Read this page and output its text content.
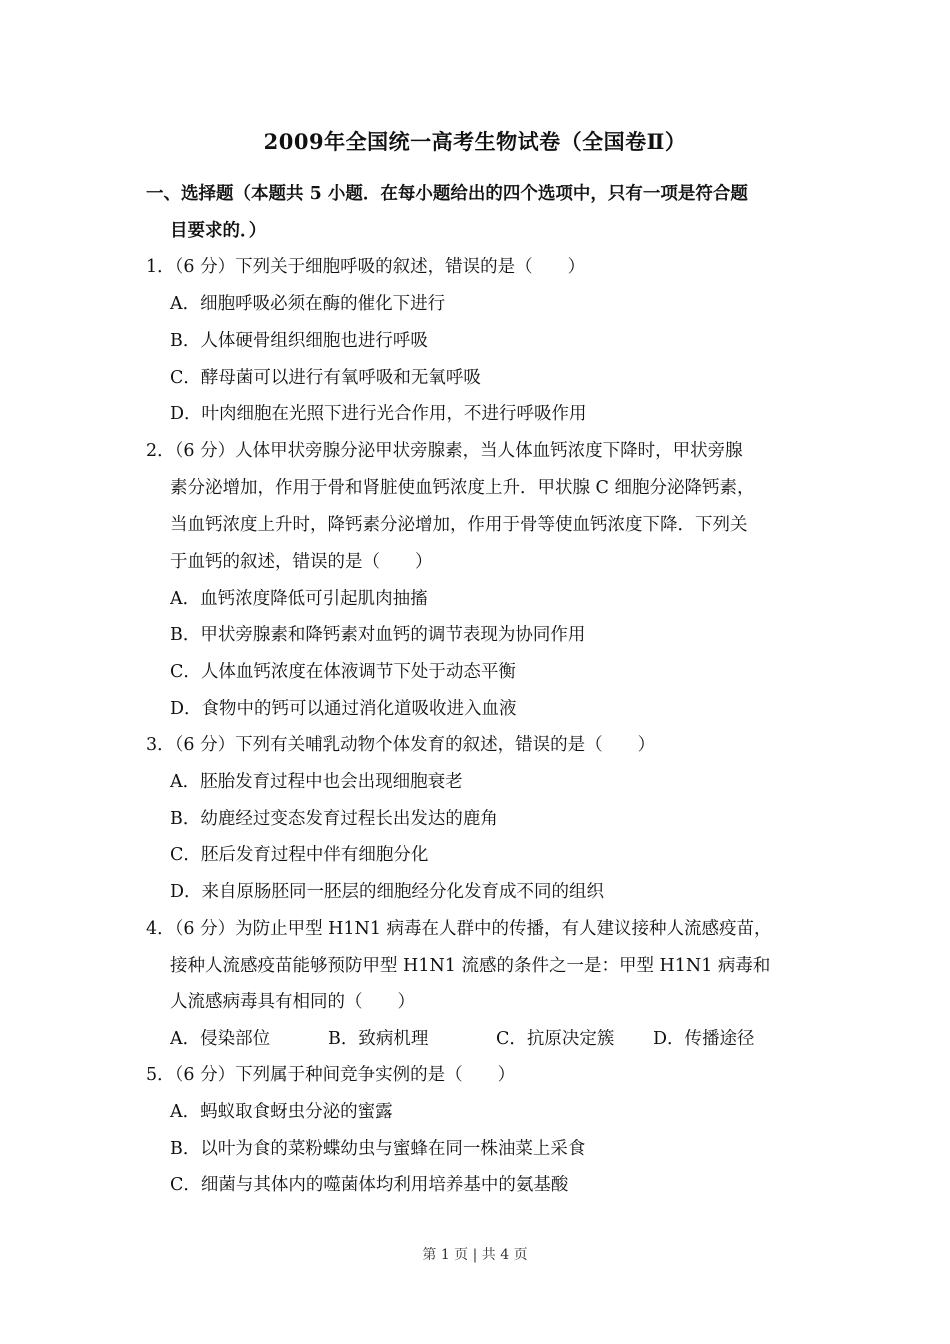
2009年全国统一高考生物试卷（全国卷Ⅱ）
一、选择题（本题共 5 小题．在每小题给出的四个选项中，只有一项是符合题
目要求的．）
1．（6 分）下列关于细胞呼吸的叙述，错误的是（　　）
A．细胞呼吸必须在酶的催化下进行
B．人体硬骨组织细胞也进行呼吸
C．酵母菌可以进行有氧呼吸和无氧呼吸
D．叶肉细胞在光照下进行光合作用，不进行呼吸作用
2．（6 分）人体甲状旁腺分泌甲状旁腺素，当人体血钙浓度下降时，甲状旁腺
素分泌增加，作用于骨和肾脏使血钙浓度上升．甲状腺 C 细胞分泌降钙素，
当血钙浓度上升时，降钙素分泌增加，作用于骨等使血钙浓度下降．下列关
于血钙的叙述，错误的是（　　）
A．血钙浓度降低可引起肌肉抽搐
B．甲状旁腺素和降钙素对血钙的调节表现为协同作用
C．人体血钙浓度在体液调节下处于动态平衡
D．食物中的钙可以通过消化道吸收进入血液
3．（6 分）下列有关哺乳动物个体发育的叙述，错误的是（　　）
A．胚胎发育过程中也会出现细胞衰老
B．幼鹿经过变态发育过程长出发达的鹿角
C．胚后发育过程中伴有细胞分化
D．来自原肠胚同一胚层的细胞经分化发育成不同的组织
4．（6 分）为防止甲型 H1N1 病毒在人群中的传播，有人建议接种人流感疫苗，
接种人流感疫苗能够预防甲型 H1N1 流感的条件之一是：甲型 H1N1 病毒和
人流感病毒具有相同的（　　）
A．侵染部位	B．致病机理	C．抗原决定簇 D．传播途径
5．（6 分）下列属于种间竞争实例的是（　　）
A．蚂蚁取食蚜虫分泌的蜜露
B．以叶为食的菜粉蝶幼虫与蜜蜂在同一株油菜上采食
C．细菌与其体内的噬菌体均利用培养基中的氨基酸
第 1 页 | 共 4 页
